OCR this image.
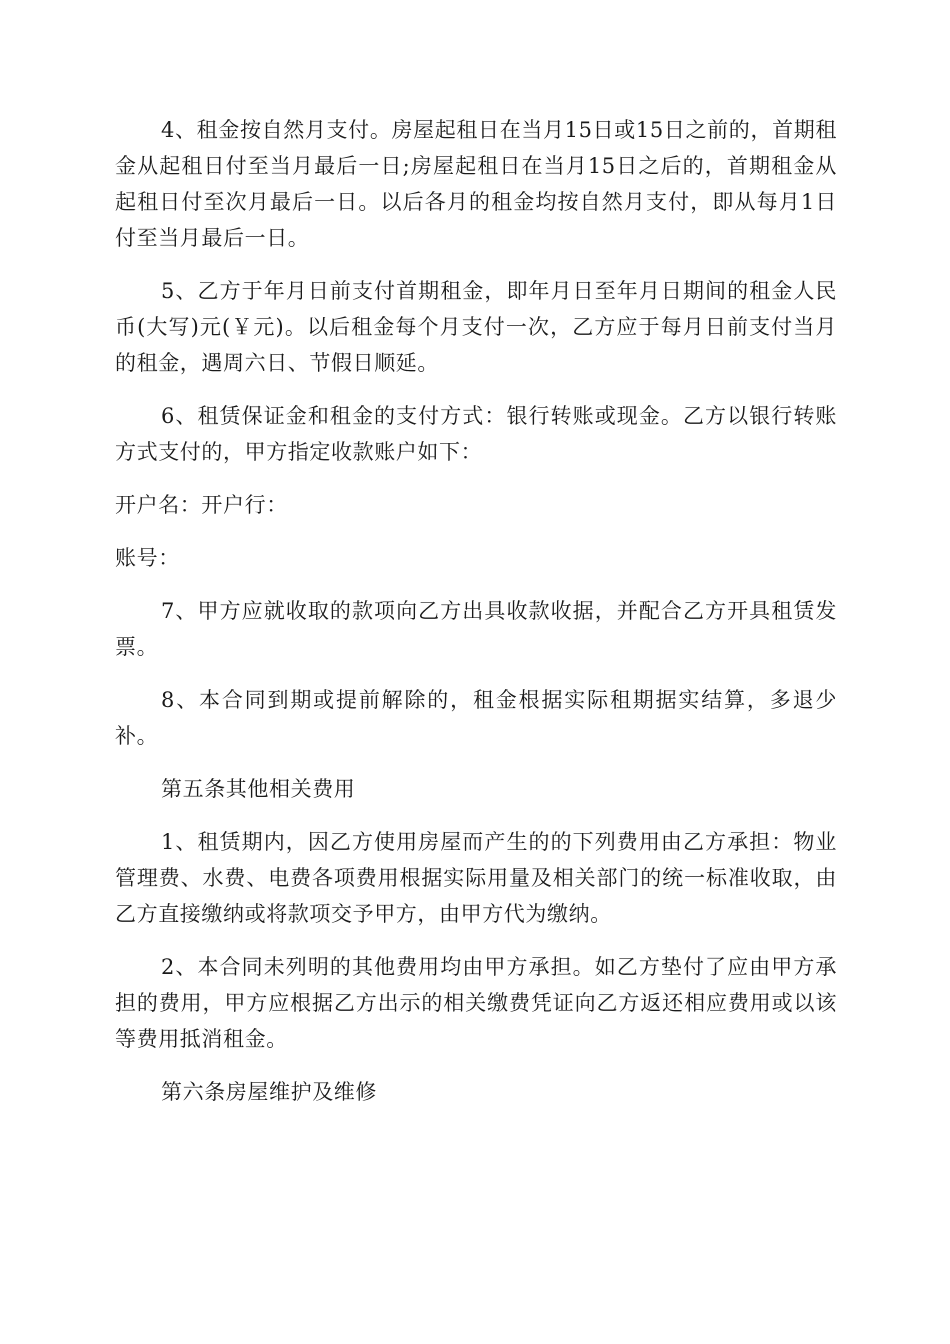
4、租金按自然月支付。房屋起租日在当月15日或15日之前的，首期租金从起租日付至当月最后一日;房屋起租日在当月15日之后的，首期租金从起租日付至次月最后一日。以后各月的租金均按自然月支付，即从每月1日付至当月最后一日。

5、乙方于年月日前支付首期租金，即年月日至年月日期间的租金人民币(大写)元(￥元)。以后租金每个月支付一次，乙方应于每月日前支付当月的租金，遇周六日、节假日顺延。

6、租赁保证金和租金的支付方式：银行转账或现金。乙方以银行转账方式支付的，甲方指定收款账户如下：

开户名：开户行：

账号：

7、甲方应就收取的款项向乙方出具收款收据，并配合乙方开具租赁发票。

8、本合同到期或提前解除的，租金根据实际租期据实结算，多退少补。

第五条其他相关费用

1、租赁期内，因乙方使用房屋而产生的的下列费用由乙方承担：物业管理费、水费、电费各项费用根据实际用量及相关部门的统一标准收取，由乙方直接缴纳或将款项交予甲方，由甲方代为缴纳。

2、本合同未列明的其他费用均由甲方承担。如乙方垫付了应由甲方承担的费用，甲方应根据乙方出示的相关缴费凭证向乙方返还相应费用或以该等费用抵消租金。

第六条房屋维护及维修
